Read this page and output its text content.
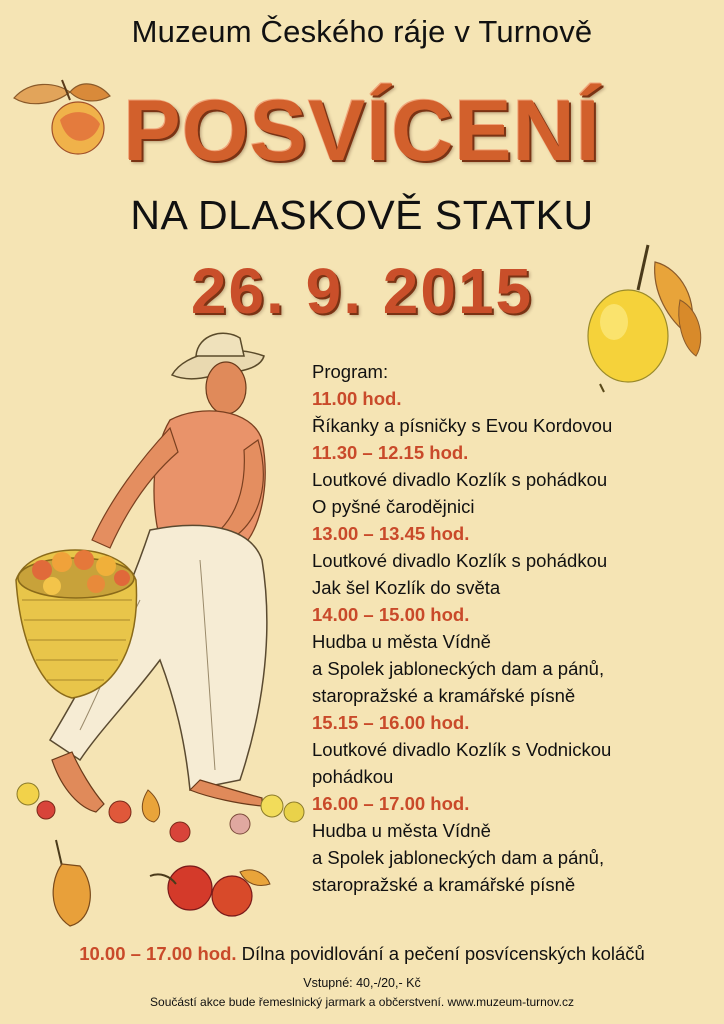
Muzeum Českého ráje v Turnově
POSVÍCENÍ
NA DLASKOVĚ STATKU
26. 9. 2015
Program:
11.00 hod.
Říkanky a písničky s Evou Kordovou
11.30 – 12.15 hod.
Loutkové divadlo Kozlík s pohádkou
O pyšné čarodějnici
13.00 – 13.45 hod.
Loutkové divadlo Kozlík s pohádkou
Jak šel Kozlík do světa
14.00 – 15.00 hod.
Hudba u města Vídně
a Spolek jabloneckých dam a pánů,
staropražské a kramářské písně
15.15 – 16.00 hod.
Loutkové divadlo Kozlík s Vodnickou
pohádkou
16.00 – 17.00 hod.
Hudba u města Vídně
a Spolek jabloneckých dam a pánů,
staropražské a kramářské písně
10.00 – 17.00 hod. Dílna povidlování a pečení posvícenských koláčů
Vstupné: 40,-/20,- Kč
Součástí akce bude řemeslnický jarmark a občerstvení. www.muzeum-turnov.cz
